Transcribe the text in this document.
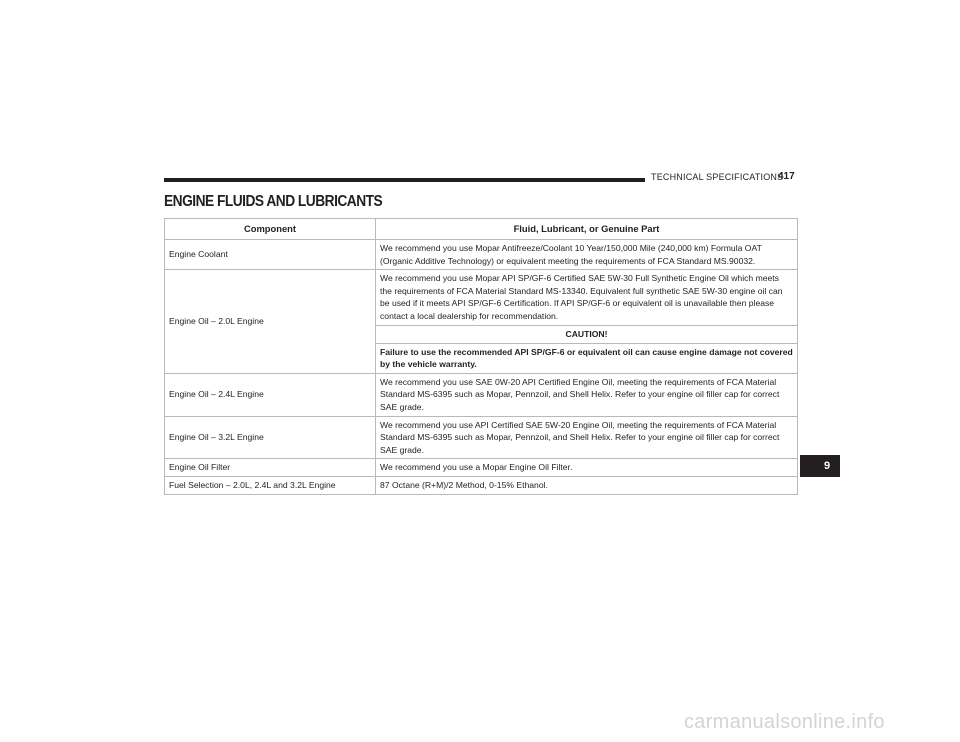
TECHNICAL SPECIFICATIONS
417
ENGINE FLUIDS AND LUBRICANTS
Component	Fluid, Lubricant, or Genuine Part
Engine Coolant	We recommend you use Mopar Antifreeze/Coolant 10 Year/150,000 Mile (240,000 km) Formula OAT (Organic Additive Technology) or equivalent meeting the requirements of FCA Standard MS.90032.
Engine Oil – 2.0L Engine	We recommend you use Mopar API SP/GF-6 Certified SAE 5W-30 Full Synthetic Engine Oil which meets the requirements of FCA Material Standard MS-13340. Equivalent full synthetic SAE 5W-30 engine oil can be used if it meets API SP/GF-6 Certification. If API SP/GF-6 or equivalent oil is unavailable then please contact a local dealership for recommendation.
	CAUTION!
	Failure to use the recommended API SP/GF-6 or equivalent oil can cause engine damage not covered by the vehicle warranty.
Engine Oil – 2.4L Engine	We recommend you use SAE 0W-20 API Certified Engine Oil, meeting the requirements of FCA Material Standard MS-6395 such as Mopar, Pennzoil, and Shell Helix. Refer to your engine oil filler cap for correct SAE grade.
Engine Oil – 3.2L Engine	We recommend you use API Certified SAE 5W-20 Engine Oil, meeting the requirements of FCA Material Standard MS-6395 such as Mopar, Pennzoil, and Shell Helix. Refer to your engine oil filler cap for correct SAE grade.
Engine Oil Filter	We recommend you use a Mopar Engine Oil Filter.
Fuel Selection – 2.0L, 2.4L and 3.2L Engine	87 Octane (R+M)/2 Method, 0-15% Ethanol.
9
carmanualsonline.info
